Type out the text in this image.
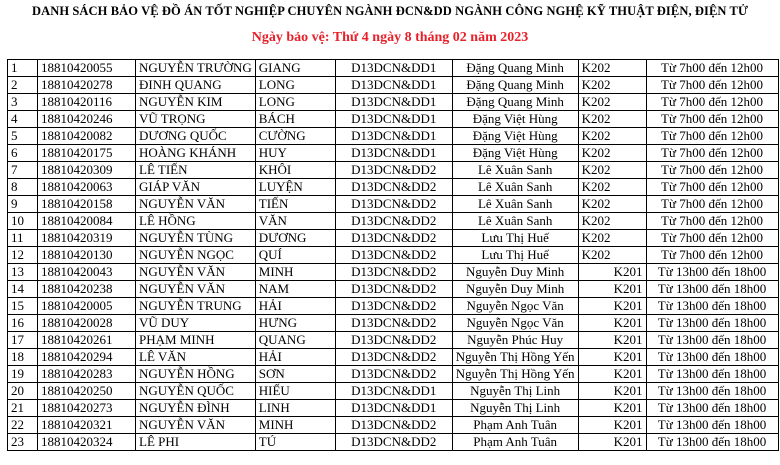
DANH SÁCH BẢO VỆ ĐỒ ÁN TỐT NGHIỆP CHUYÊN NGÀNH ĐCN&DD NGÀNH CÔNG NGHỆ KỸ THUẬT ĐIỆN, ĐIỆN TỬ
Ngày bảo vệ: Thứ 4 ngày 8 tháng 02 năm 2023
1	18810420055	NGUYỄN TRƯỜNG	GIANG	D13DCN&DD1	Đặng Quang Minh	K202	Từ 7h00 đến 12h00
2	18810420278	ĐINH QUANG	LONG	D13DCN&DD1	Đặng Quang Minh	K202	Từ 7h00 đến 12h00
3	18810420116	NGUYỄN KIM	LONG	D13DCN&DD1	Đặng Quang Minh	K202	Từ 7h00 đến 12h00
4	18810420246	VŨ TRỌNG	BÁCH	D13DCN&DD1	Đặng Việt Hùng	K202	Từ 7h00 đến 12h00
5	18810420082	DƯƠNG QUỐC	CƯỜNG	D13DCN&DD1	Đặng Việt Hùng	K202	Từ 7h00 đến 12h00
6	18810420175	HOÀNG KHÁNH	HUY	D13DCN&DD1	Đặng Việt Hùng	K202	Từ 7h00 đến 12h00
7	18810420309	LÊ TIẾN	KHÔI	D13DCN&DD2	Lê Xuân Sanh	K202	Từ 7h00 đến 12h00
8	18810420063	GIÁP VĂN	LUYỆN	D13DCN&DD2	Lê Xuân Sanh	K202	Từ 7h00 đến 12h00
9	18810420158	NGUYỄN VĂN	TIẾN	D13DCN&DD2	Lê Xuân Sanh	K202	Từ 7h00 đến 12h00
10	18810420084	LÊ HỒNG	VĂN	D13DCN&DD2	Lê Xuân Sanh	K202	Từ 7h00 đến 12h00
11	18810420319	NGUYỄN TÙNG	DƯƠNG	D13DCN&DD2	Lưu Thị Huế	K202	Từ 7h00 đến 12h00
12	18810420130	NGUYỄN NGỌC	QUÍ	D13DCN&DD2	Lưu Thị Huế	K202	Từ 7h00 đến 12h00
13	18810420043	NGUYỄN VĂN	MINH	D13DCN&DD2	Nguyễn Duy Minh	K201	Từ 13h00 đến 18h00
14	18810420238	NGUYỄN VĂN	NAM	D13DCN&DD2	Nguyễn Duy Minh	K201	Từ 13h00 đến 18h00
15	18810420005	NGUYỄN TRUNG	HẢI	D13DCN&DD2	Nguyễn Ngọc Văn	K201	Từ 13h00 đến 18h00
16	18810420028	VŨ DUY	HƯNG	D13DCN&DD2	Nguyễn Ngọc Văn	K201	Từ 13h00 đến 18h00
17	18810420261	PHẠM MINH	QUANG	D13DCN&DD2	Nguyễn Phúc Huy	K201	Từ 13h00 đến 18h00
18	18810420294	LÊ VĂN	HẢI	D13DCN&DD2	Nguyễn Thị Hồng Yến	K201	Từ 13h00 đến 18h00
19	18810420283	NGUYỄN HỒNG	SƠN	D13DCN&DD2	Nguyễn Thị Hồng Yến	K201	Từ 13h00 đến 18h00
20	18810420250	NGUYỄN QUỐC	HIẾU	D13DCN&DD1	Nguyễn Thị Linh	K201	Từ 13h00 đến 18h00
21	18810420273	NGUYỄN ĐÌNH	LINH	D13DCN&DD1	Nguyễn Thị Linh	K201	Từ 13h00 đến 18h00
22	18810420321	NGUYỄN VĂN	MINH	D13DCN&DD2	Phạm Anh Tuân	K201	Từ 13h00 đến 18h00
23	18810420324	LÊ PHI	TÚ	D13DCN&DD2	Phạm Anh Tuân	K201	Từ 13h00 đến 18h00
